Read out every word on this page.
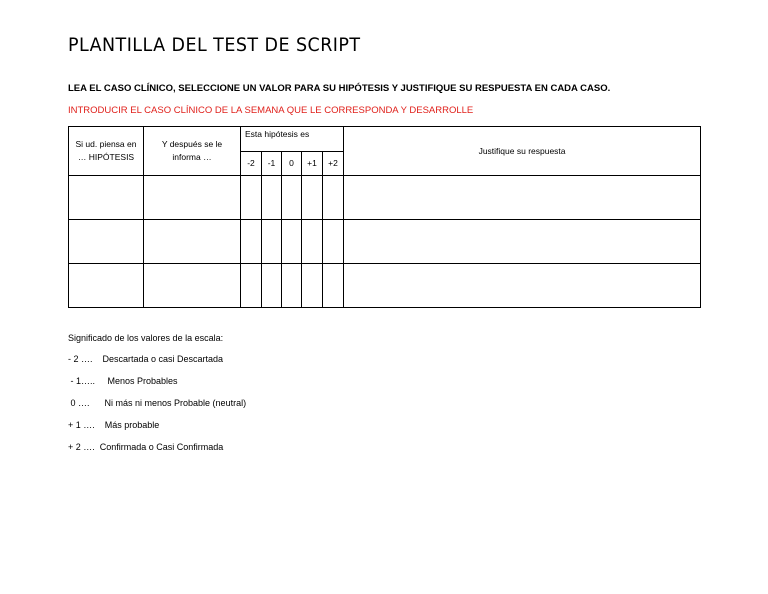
PLANTILLA DEL TEST DE SCRIPT
LEA EL CASO CLÍNICO, SELECCIONE UN VALOR PARA SU HIPÓTESIS Y JUSTIFIQUE SU RESPUESTA EN CADA CASO.
INTRODUCIR EL CASO CLÍNICO DE LA SEMANA QUE LE CORRESPONDA Y DESARROLLE
Si ud. piensa en … HIPÓTESIS	Y después se le informa …	Esta hipótesis es					Justifique su respuesta
		-2	-1	0	+1	+2	

Significado de los valores de la escala:
- 2 ….    Descartada o casi Descartada
- 1…..     Menos Probables
0 ….      Ni más ni menos Probable (neutral)
+ 1 ….    Más probable
+ 2 ….  Confirmada o Casi Confirmada
